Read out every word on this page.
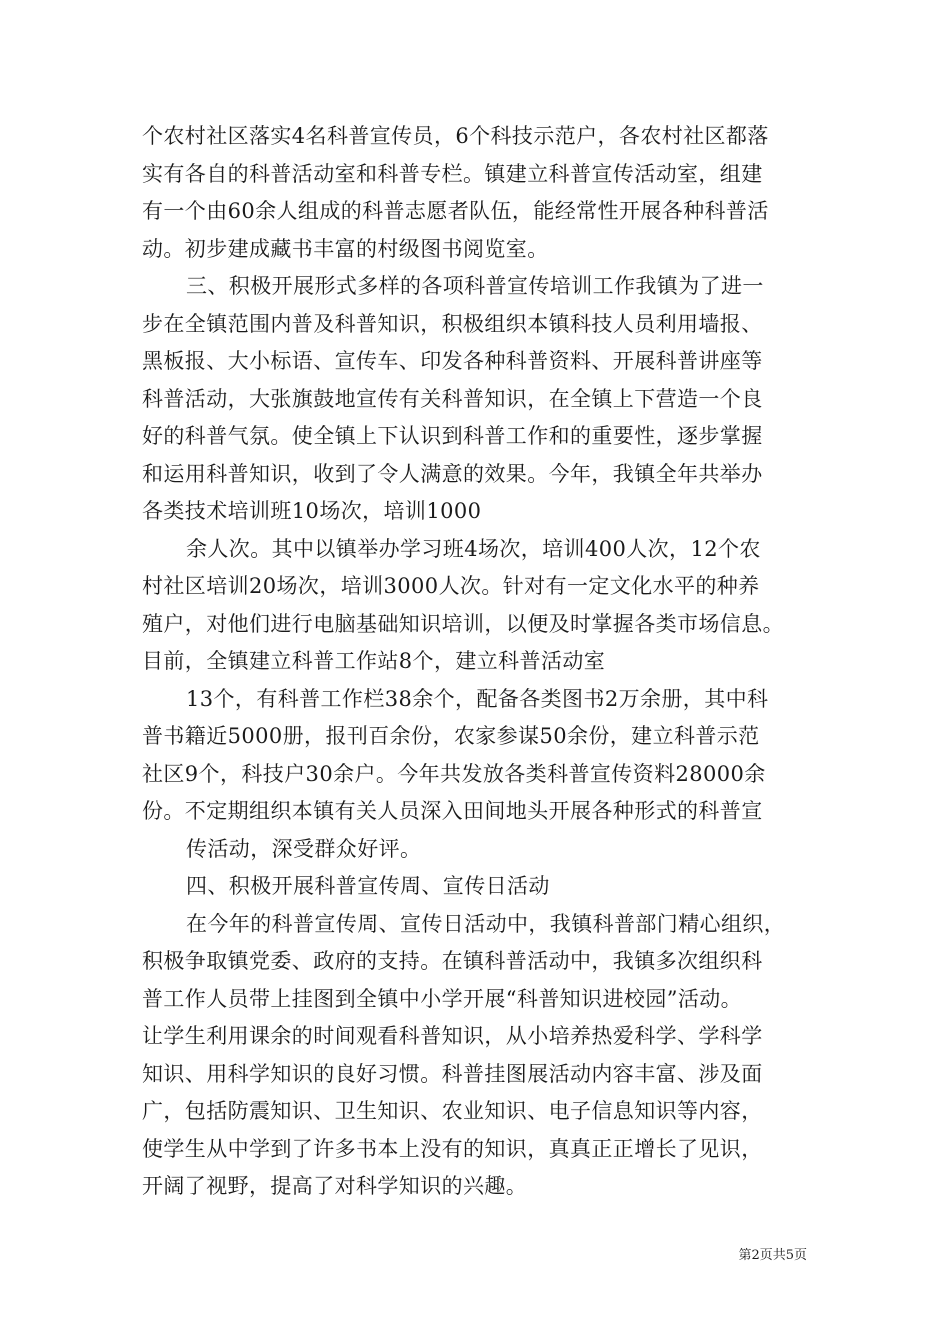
个农村社区落实4名科普宣传员，6个科技示范户，各农村社区都落
实有各自的科普活动室和科普专栏。镇建立科普宣传活动室，组建
有一个由60余人组成的科普志愿者队伍，能经常性开展各种科普活
动。初步建成藏书丰富的村级图书阅览室。
三、积极开展形式多样的各项科普宣传培训工作我镇为了进一
步在全镇范围内普及科普知识，积极组织本镇科技人员利用墙报、
黑板报、大小标语、宣传车、印发各种科普资料、开展科普讲座等
科普活动，大张旗鼓地宣传有关科普知识，在全镇上下营造一个良
好的科普气氛。使全镇上下认识到科普工作和的重要性，逐步掌握
和运用科普知识，收到了令人满意的效果。今年，我镇全年共举办
各类技术培训班10场次，培训1000
余人次。其中以镇举办学习班4场次，培训400人次，12个农
村社区培训20场次，培训3000人次。针对有一定文化水平的种养
殖户，对他们进行电脑基础知识培训，以便及时掌握各类市场信息。
目前，全镇建立科普工作站8个，建立科普活动室
13个，有科普工作栏38余个，配备各类图书2万余册，其中科
普书籍近5000册，报刊百余份，农家参谋50余份，建立科普示范
社区9个，科技户30余户。今年共发放各类科普宣传资料28000余
份。不定期组织本镇有关人员深入田间地头开展各种形式的科普宣
传活动，深受群众好评。
四、积极开展科普宣传周、宣传日活动
在今年的科普宣传周、宣传日活动中，我镇科普部门精心组织，
积极争取镇党委、政府的支持。在镇科普活动中，我镇多次组织科
普工作人员带上挂图到全镇中小学开展“科普知识进校园”活动。
让学生利用课余的时间观看科普知识，从小培养热爱科学、学科学
知识、用科学知识的良好习惯。科普挂图展活动内容丰富、涉及面
广，包括防震知识、卫生知识、农业知识、电子信息知识等内容，
使学生从中学到了许多书本上没有的知识，真真正正增长了见识，
开阔了视野，提高了对科学知识的兴趣。
第2页共5页
